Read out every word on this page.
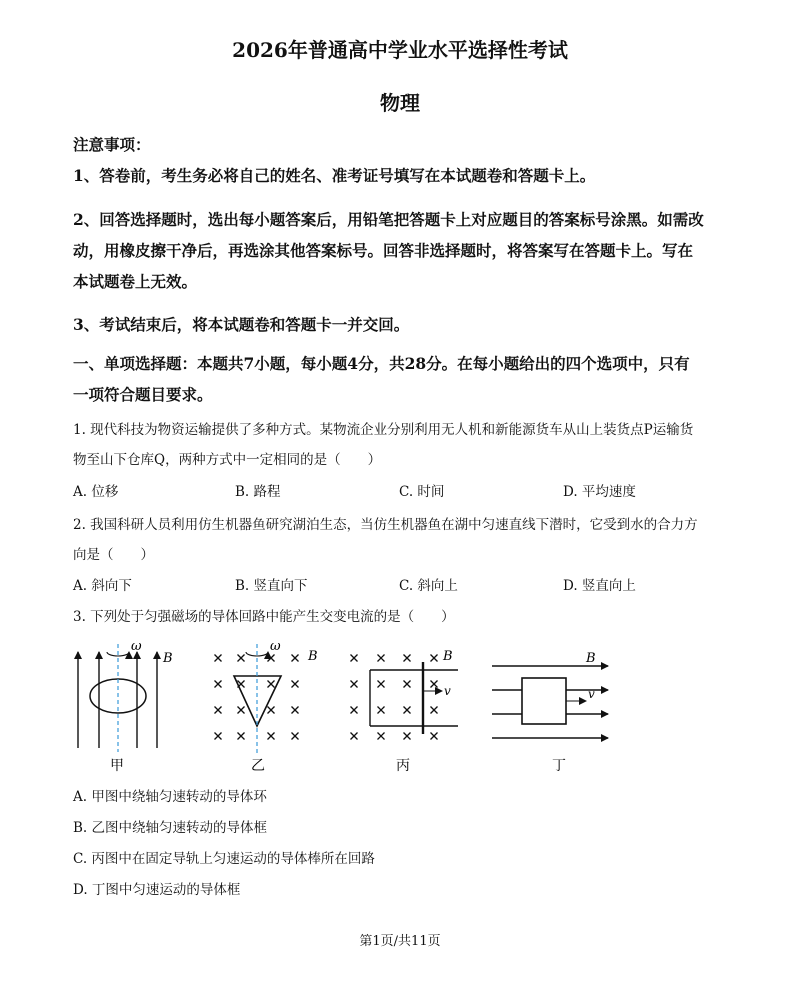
2026年普通高中学业水平选择性考试
物理
注意事项：
1、答卷前，考生务必将自己的姓名、准考证号填写在本试题卷和答题卡上。
2、回答选择题时，选出每小题答案后，用铅笔把答题卡上对应题目的答案标号涂黑。如需改
动，用橡皮擦干净后，再选涂其他答案标号。回答非选择题时，将答案写在答题卡上。写在
本试题卷上无效。
3、考试结束后，将本试题卷和答题卡一并交回。
一、单项选择题：本题共7小题，每小题4分，共28分。在每小题给出的四个选项中，只有
一项符合题目要求。
1. 现代科技为物资运输提供了多种方式。某物流企业分别利用无人机和新能源货车从山上装货点P运输货
物至山下仓库Q，两种方式中一定相同的是（　　）
A. 位移	B. 路程	C. 时间	D. 平均速度
2. 我国科研人员利用仿生机器鱼研究湖泊生态，当仿生机器鱼在湖中匀速直线下潜时，它受到水的合力方
向是（　　）
A. 斜向下	B. 竖直向下	C. 斜向上	D. 竖直向上
3. 下列处于匀强磁场的导体回路中能产生交变电流的是（　　）
ω
B
ω
B
v
B
v
B
甲	乙	丙	丁
A. 甲图中绕轴匀速转动的导体环
B. 乙图中绕轴匀速转动的导体框
C. 丙图中在固定导轨上匀速运动的导体棒所在回路
D. 丁图中匀速运动的导体框
第1页/共11页
